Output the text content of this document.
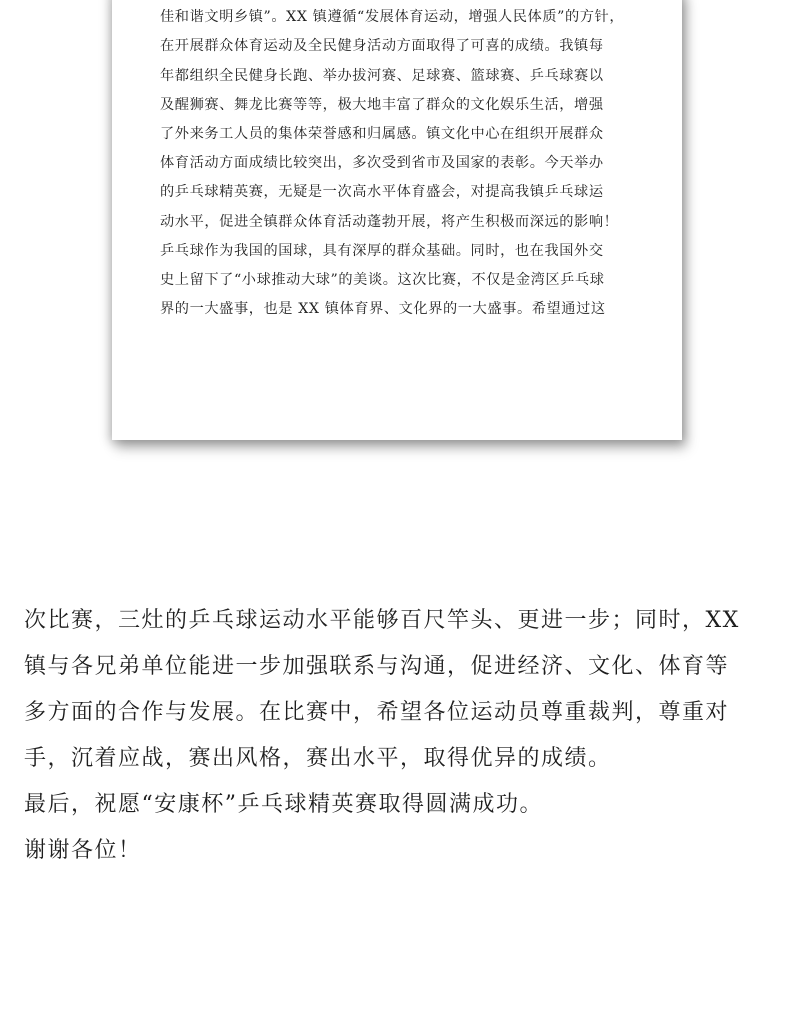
佳和谐文明乡镇”。XX 镇遵循“发展体育运动，增强人民体质”的方针，
在开展群众体育运动及全民健身活动方面取得了可喜的成绩。我镇每
年都组织全民健身长跑、举办拔河赛、足球赛、篮球赛、乒乓球赛以
及醒狮赛、舞龙比赛等等，极大地丰富了群众的文化娱乐生活，增强
了外来务工人员的集体荣誉感和归属感。镇文化中心在组织开展群众
体育活动方面成绩比较突出，多次受到省市及国家的表彰。今天举办
的乒乓球精英赛，无疑是一次高水平体育盛会，对提高我镇乒乓球运
动水平，促进全镇群众体育活动蓬勃开展，将产生积极而深远的影响！
乒乓球作为我国的国球，具有深厚的群众基础。同时，也在我国外交
史上留下了“小球推动大球”的美谈。这次比赛，不仅是金湾区乒乓球
界的一大盛事，也是 XX 镇体育界、文化界的一大盛事。希望通过这
次比赛，三灶的乒乓球运动水平能够百尺竿头、更进一步；同时，XX
镇与各兄弟单位能进一步加强联系与沟通，促进经济、文化、体育等
多方面的合作与发展。在比赛中，希望各位运动员尊重裁判，尊重对
手，沉着应战，赛出风格，赛出水平，取得优异的成绩。
最后，祝愿“安康杯”乒乓球精英赛取得圆满成功。
谢谢各位！
